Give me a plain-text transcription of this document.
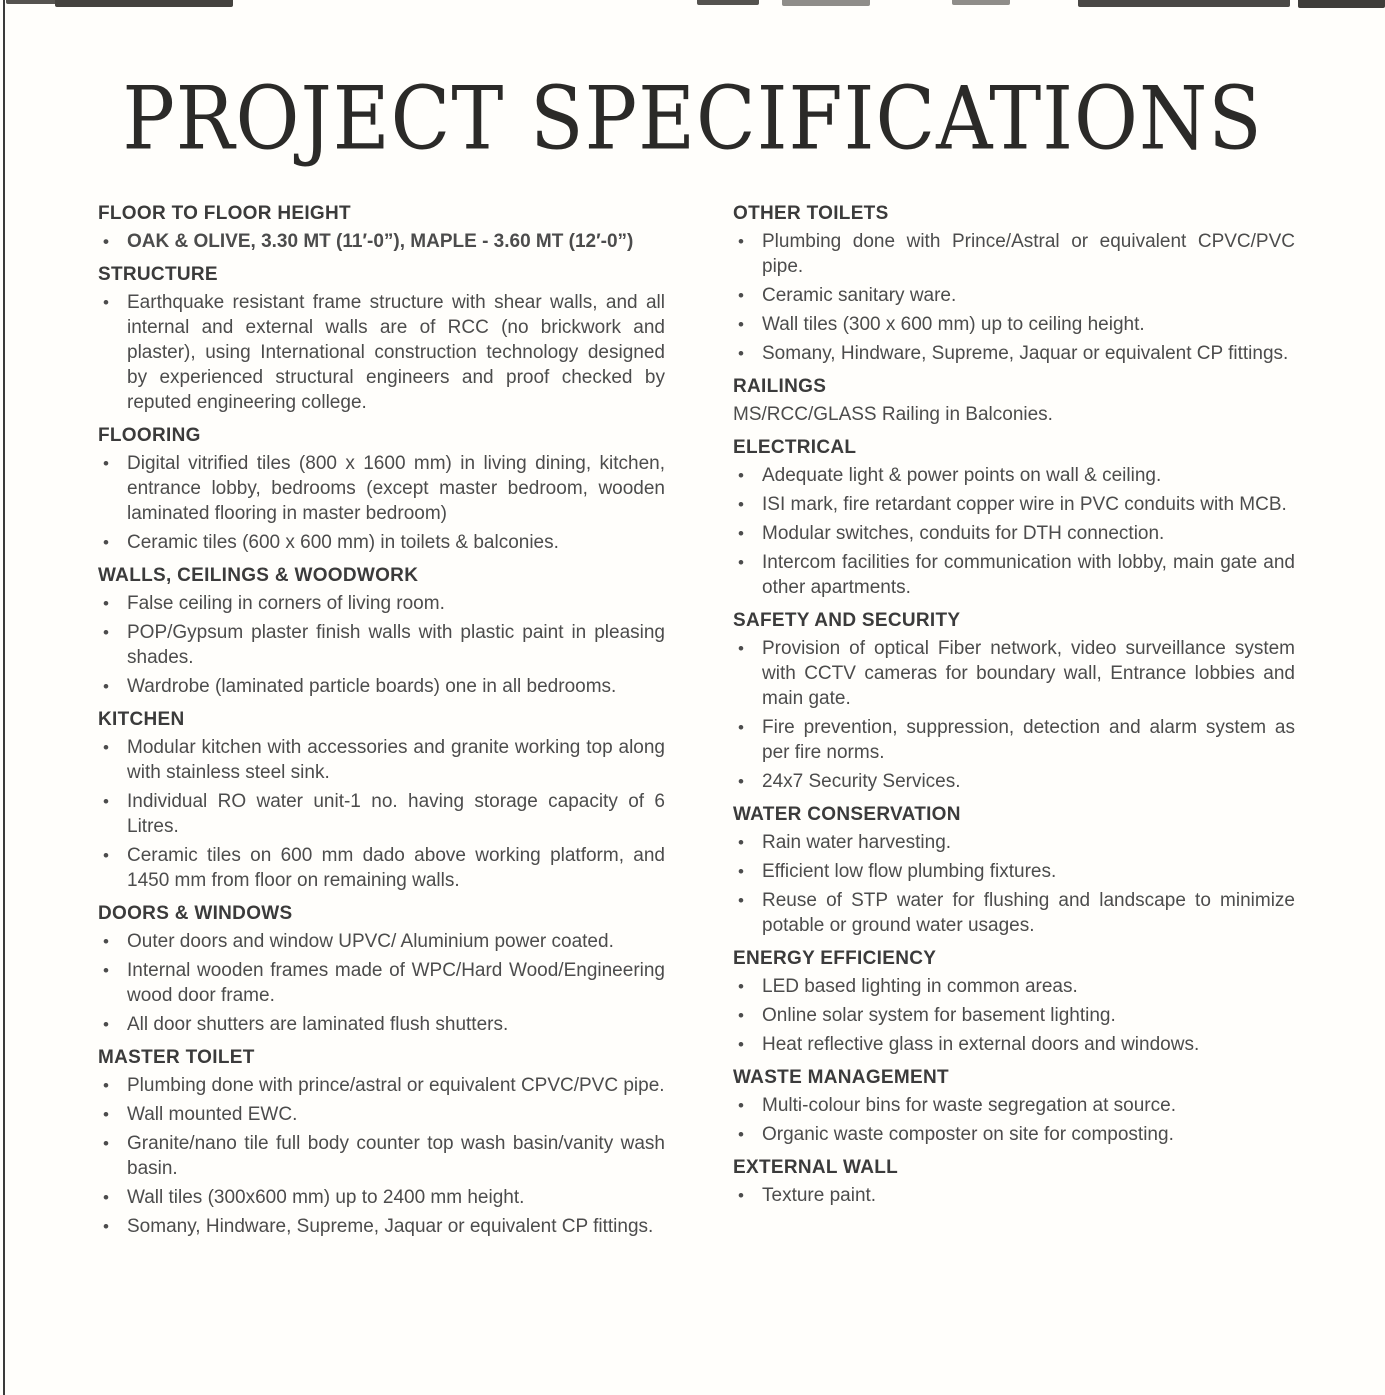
PROJECT SPECIFICATIONS
FLOOR TO FLOOR HEIGHT
• OAK & OLIVE, 3.30 MT (11′-0”), MAPLE - 3.60 MT (12′-0”)
STRUCTURE
• Earthquake resistant frame structure with shear walls, and all internal and external walls are of RCC (no brickwork and plaster), using International construction technology designed by experienced structural engineers and proof checked by reputed engineering college.
FLOORING
• Digital vitrified tiles (800 x 1600 mm) in living dining, kitchen, entrance lobby, bedrooms (except master bedroom, wooden laminated flooring in master bedroom)
• Ceramic tiles (600 x 600 mm) in toilets & balconies.
WALLS, CEILINGS & WOODWORK
• False ceiling in corners of living room.
• POP/Gypsum plaster finish walls with plastic paint in pleasing shades.
• Wardrobe (laminated particle boards) one in all bedrooms.
KITCHEN
• Modular kitchen with accessories and granite working top along with stainless steel sink.
• Individual RO water unit-1 no. having storage capacity of 6 Litres.
• Ceramic tiles on 600 mm dado above working platform, and 1450 mm from floor on remaining walls.
DOORS & WINDOWS
• Outer doors and window UPVC/ Aluminium power coated.
• Internal wooden frames made of WPC/Hard Wood/Engineering wood door frame.
• All door shutters are laminated flush shutters.
MASTER TOILET
• Plumbing done with prince/astral or equivalent CPVC/PVC pipe.
• Wall mounted EWC.
• Granite/nano tile full body counter top wash basin/vanity wash basin.
• Wall tiles (300x600 mm) up to 2400 mm height.
• Somany, Hindware, Supreme, Jaquar or equivalent CP fittings.
OTHER TOILETS
• Plumbing done with Prince/Astral or equivalent CPVC/PVC pipe.
• Ceramic sanitary ware.
• Wall tiles (300 x 600 mm) up to ceiling height.
• Somany, Hindware, Supreme, Jaquar or equivalent CP fittings.
RAILINGS
MS/RCC/GLASS Railing in Balconies.
ELECTRICAL
• Adequate light & power points on wall & ceiling.
• ISI mark, fire retardant copper wire in PVC conduits with MCB.
• Modular switches, conduits for DTH connection.
• Intercom facilities for communication with lobby, main gate and other apartments.
SAFETY AND SECURITY
• Provision of optical Fiber network, video surveillance system with CCTV cameras for boundary wall, Entrance lobbies and main gate.
• Fire prevention, suppression, detection and alarm system as per fire norms.
• 24x7 Security Services.
WATER CONSERVATION
• Rain water harvesting.
• Efficient low flow plumbing fixtures.
• Reuse of STP water for flushing and landscape to minimize potable or ground water usages.
ENERGY EFFICIENCY
• LED based lighting in common areas.
• Online solar system for basement lighting.
• Heat reflective glass in external doors and windows.
WASTE MANAGEMENT
• Multi-colour bins for waste segregation at source.
• Organic waste composter on site for composting.
EXTERNAL WALL
• Texture paint.
